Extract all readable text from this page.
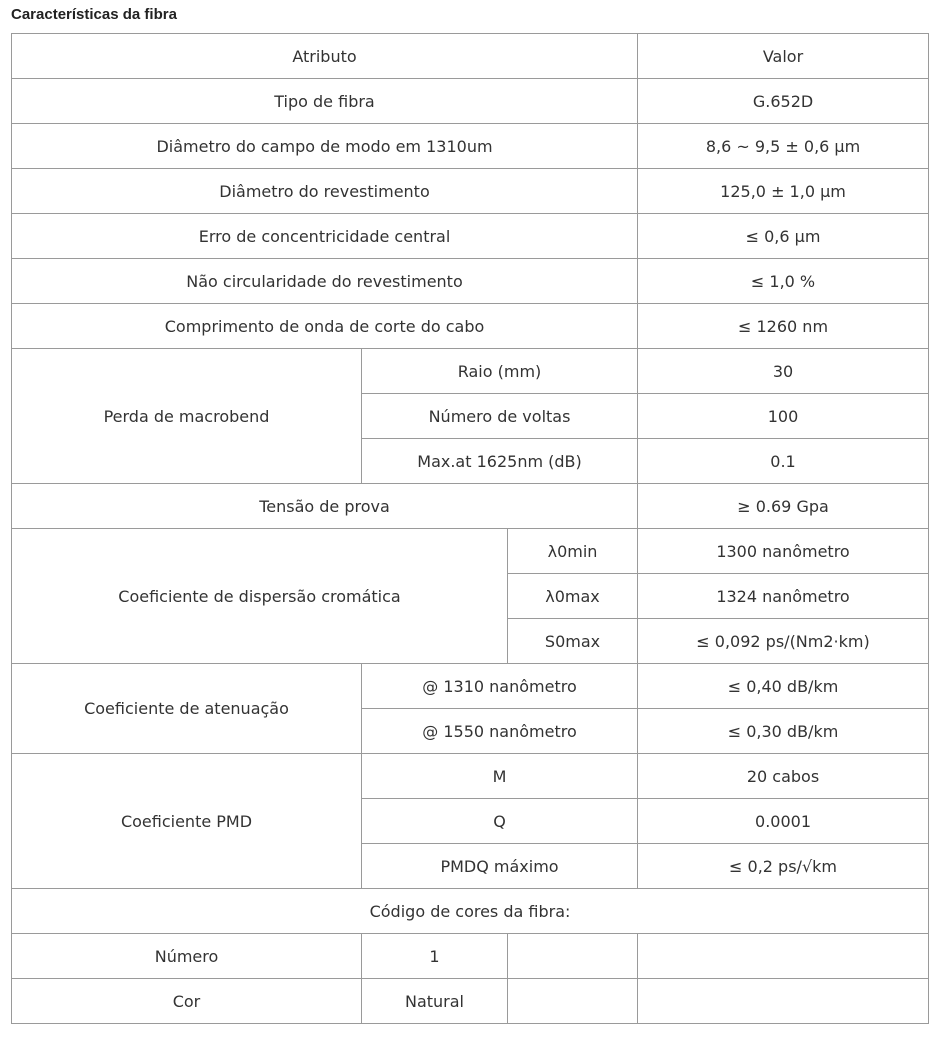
Características da fibra
Atributo			Valor
Tipo de fibra			G.652D
Diâmetro do campo de modo em 1310um			8,6 ~ 9,5 ± 0,6 μm
Diâmetro do revestimento			125,0 ± 1,0 μm
Erro de concentricidade central			≤ 0,6 μm
Não circularidade do revestimento			≤ 1,0 %
Comprimento de onda de corte do cabo			≤ 1260 nm
Perda de macrobend	Raio (mm)		30
	Número de voltas		100
	Max.at 1625nm (dB)		0.1
Tensão de prova			≥ 0.69 Gpa
Coeficiente de dispersão cromática		λ0min	1300 nanômetro
		λ0max	1324 nanômetro
		S0max	≤ 0,092 ps/(Nm2·km)
Coeficiente de atenuação	@ 1310 nanômetro		≤ 0,40 dB/km
	@ 1550 nanômetro		≤ 0,30 dB/km
Coeficiente PMD	M		20 cabos
	Q		0.0001
	PMDQ máximo		≤ 0,2 ps/√km
Código de cores da fibra:			
Número	1		
Cor	Natural		
